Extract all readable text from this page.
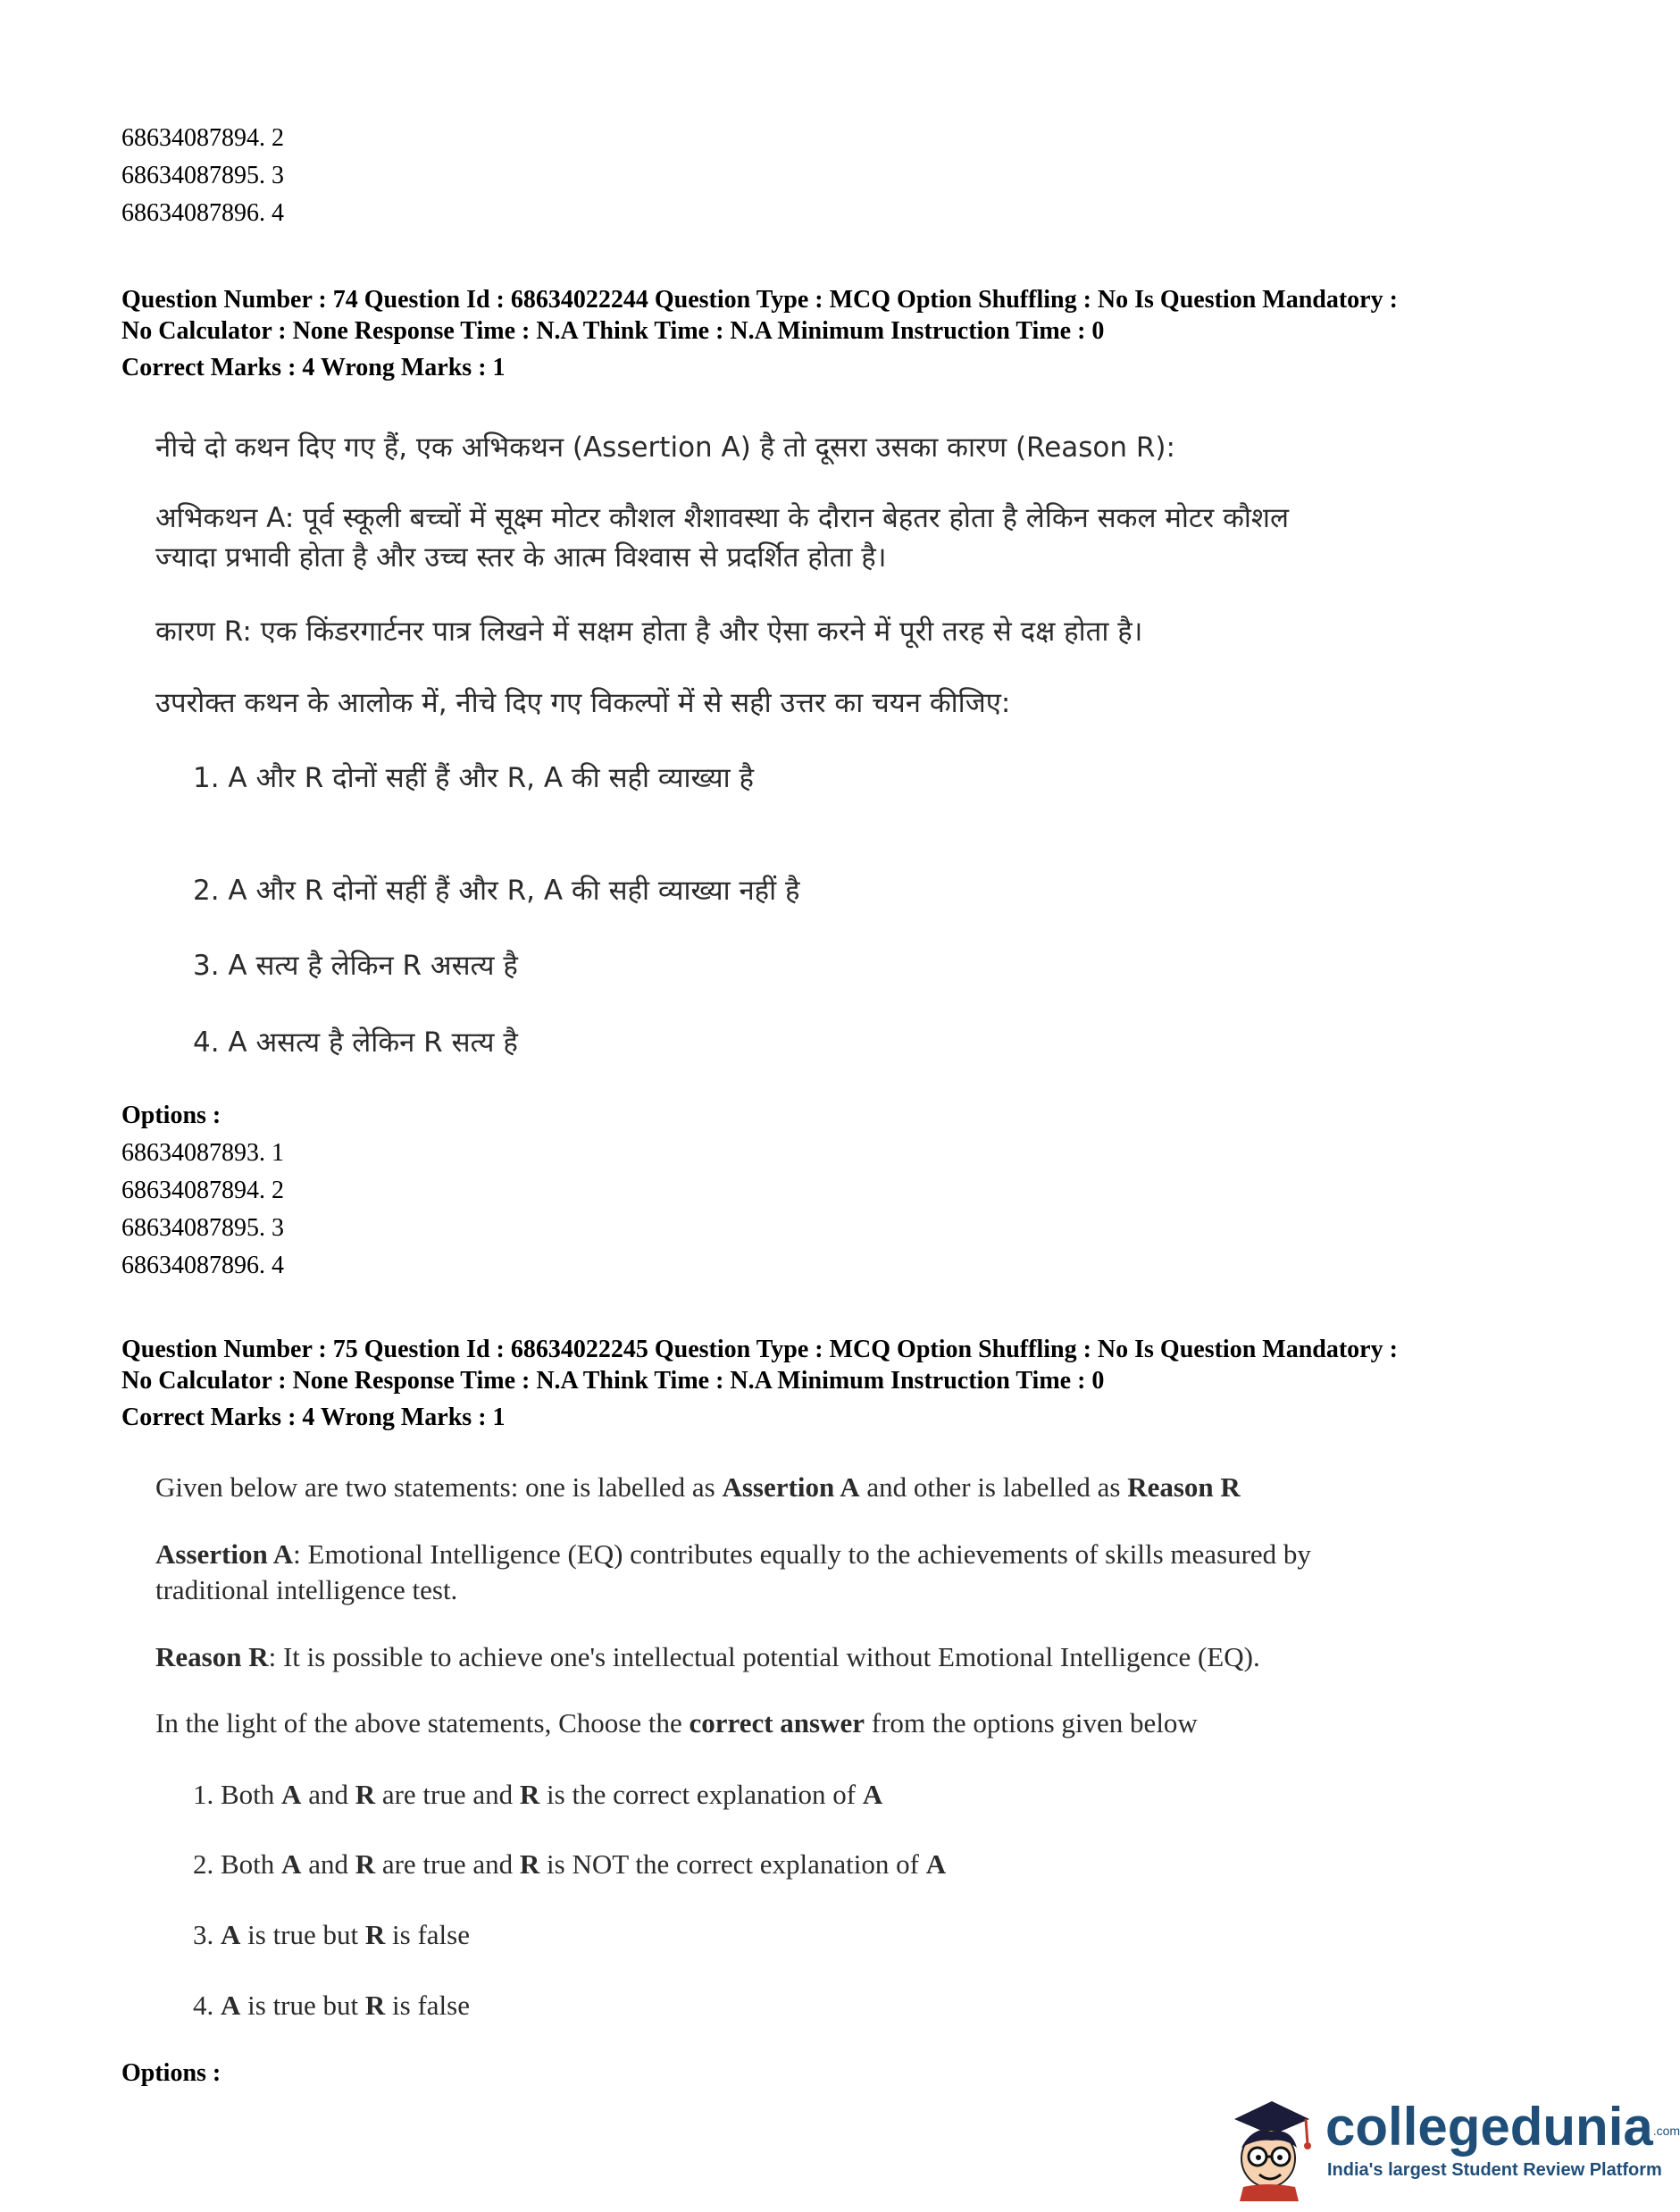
68634087894. 2
68634087895. 3
68634087896. 4
Question Number : 74 Question Id : 68634022244 Question Type : MCQ Option Shuffling : No Is Question Mandatory :
No Calculator : None Response Time : N.A Think Time : N.A Minimum Instruction Time : 0
Correct Marks : 4 Wrong Marks : 1
नीचे दो कथन दिए गए हैं, एक अभिकथन (Assertion A) है तो दूसरा उसका कारण (Reason R):
अभिकथन A: पूर्व स्कूली बच्चों में सूक्ष्म मोटर कौशल शैशावस्था के दौरान बेहतर होता है लेकिन सकल मोटर कौशल
ज्यादा प्रभावी होता है और उच्च स्तर के आत्म विश्वास से प्रदर्शित होता है।
कारण R: एक किंडरगार्टनर पात्र लिखने में सक्षम होता है और ऐसा करने में पूरी तरह से दक्ष होता है।
उपरोक्त कथन के आलोक में, नीचे दिए गए विकल्पों में से सही उत्तर का चयन कीजिए:
1. A और R दोनों सहीं हैं और R, A की सही व्याख्या है
2. A और R दोनों सहीं हैं और R, A की सही व्याख्या नहीं है
3. A सत्य है लेकिन R असत्य है
4. A असत्य है लेकिन R सत्य है
Options :
68634087893. 1
68634087894. 2
68634087895. 3
68634087896. 4
Question Number : 75 Question Id : 68634022245 Question Type : MCQ Option Shuffling : No Is Question Mandatory :
No Calculator : None Response Time : N.A Think Time : N.A Minimum Instruction Time : 0
Correct Marks : 4 Wrong Marks : 1
Given below are two statements: one is labelled as Assertion A and other is labelled as Reason R
Assertion A: Emotional Intelligence (EQ) contributes equally to the achievements of skills measured by
traditional intelligence test.
Reason R: It is possible to achieve one's intellectual potential without Emotional Intelligence (EQ).
In the light of the above statements, Choose the correct answer from the options given below
1. Both A and R are true and R is the correct explanation of A
2. Both A and R are true and R is NOT the correct explanation of A
3. A is true but R is false
4. A is true but R is false
Options :
collegedunia.com
India's largest Student Review Platform
